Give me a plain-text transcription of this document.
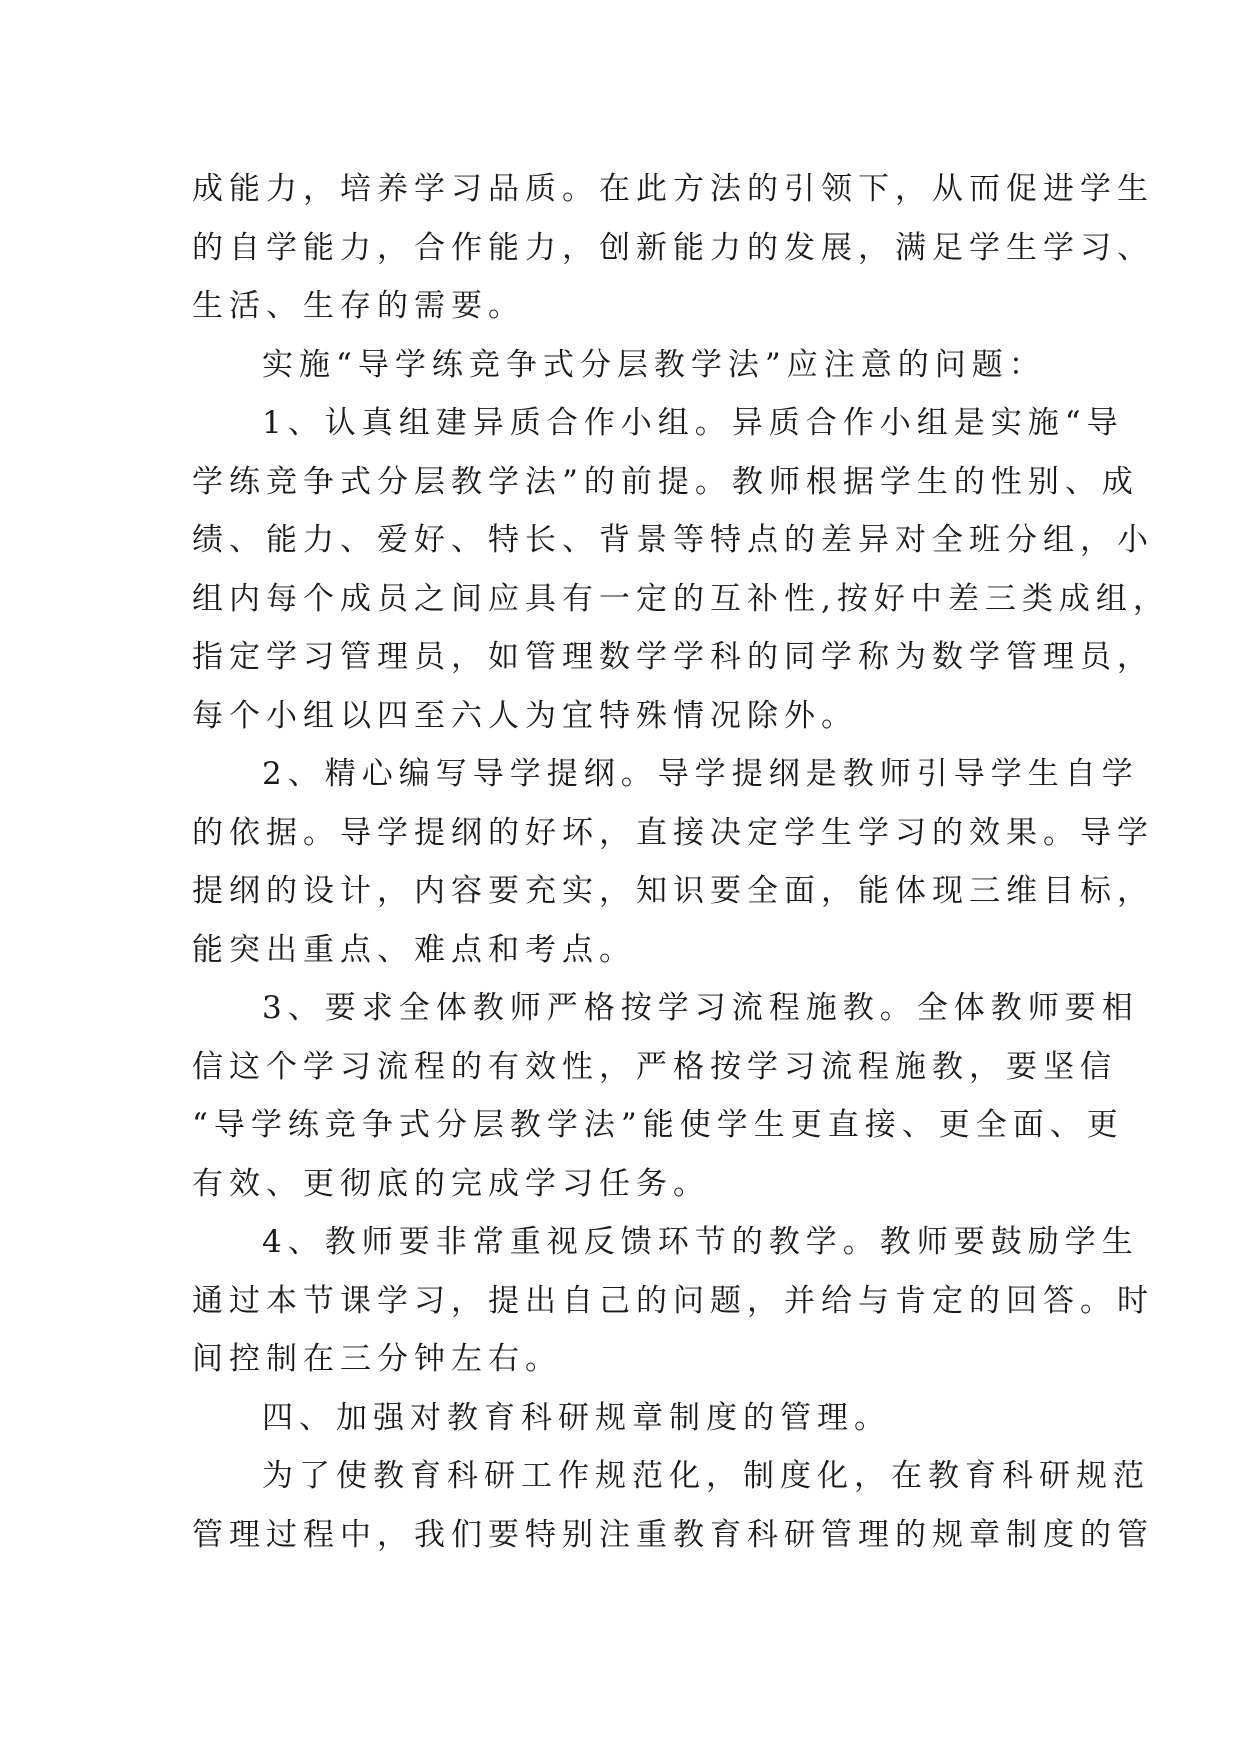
成能力，培养学习品质。在此方法的引领下，从而促进学生
的自学能力，合作能力，创新能力的发展，满足学生学习、
生活、生存的需要。
实施“导学练竞争式分层教学法”应注意的问题：
1、认真组建异质合作小组。异质合作小组是实施“导
学练竞争式分层教学法”的前提。教师根据学生的性别、成
绩、能力、爱好、特长、背景等特点的差异对全班分组，小
组内每个成员之间应具有一定的互补性,按好中差三类成组，
指定学习管理员，如管理数学学科的同学称为数学管理员，
每个小组以四至六人为宜特殊情况除外。
2、精心编写导学提纲。导学提纲是教师引导学生自学
的依据。导学提纲的好坏，直接决定学生学习的效果。导学
提纲的设计，内容要充实，知识要全面，能体现三维目标，
能突出重点、难点和考点。
3、要求全体教师严格按学习流程施教。全体教师要相
信这个学习流程的有效性，严格按学习流程施教，要坚信
“导学练竞争式分层教学法”能使学生更直接、更全面、更
有效、更彻底的完成学习任务。
4、教师要非常重视反馈环节的教学。教师要鼓励学生
通过本节课学习，提出自己的问题，并给与肯定的回答。时
间控制在三分钟左右。
四、加强对教育科研规章制度的管理。
为了使教育科研工作规范化，制度化，在教育科研规范
管理过程中，我们要特别注重教育科研管理的规章制度的管
